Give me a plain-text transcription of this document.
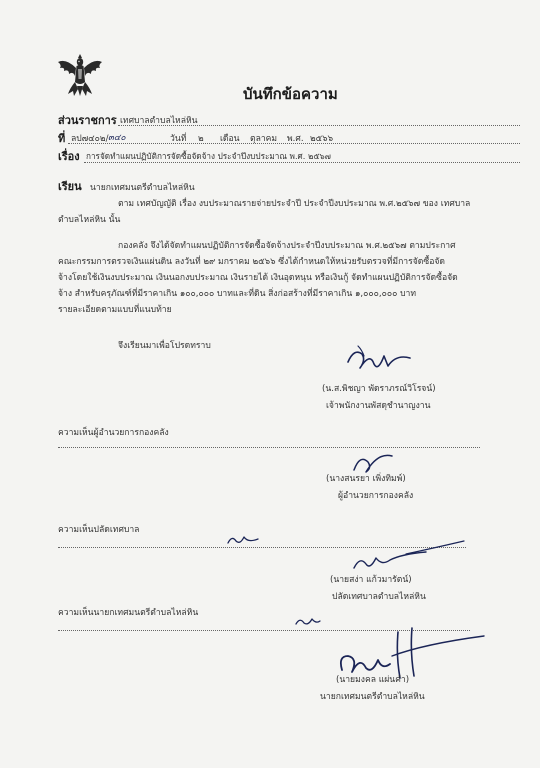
บันทึกข้อความ
ส่วนราชการ เทศบาลตำบลไหล่หิน
ที่ ลป๗๔๐๒/ ๓๔๐	วันที่ ๒ เดือน ตุลาคม พ.ศ. ๒๕๖๖
เรื่อง การจัดทำแผนปฏิบัติการจัดซื้อจัดจ้าง ประจำปีงบประมาณ พ.ศ. ๒๕๖๗
เรียน นายกเทศมนตรีตำบลไหล่หิน
ตาม เทศบัญญัติ เรื่อง งบประมาณรายจ่ายประจำปี ประจำปีงบประมาณ พ.ศ.๒๕๖๗ ของ เทศบาล
ตำบลไหล่หิน นั้น
กองคลัง จึงได้จัดทำแผนปฏิบัติการจัดซื้อจัดจ้างประจำปีงบประมาณ พ.ศ.๒๕๖๗ ตามประกาศ
คณะกรรมการตรวจเงินแผ่นดิน ลงวันที่ ๒๙ มกราคม ๒๕๖๖ ซึ่งได้กำหนดให้หน่วยรับตรวจที่มีการจัดซื้อจัด
จ้างโดยใช้เงินงบประมาณ เงินนอกงบประมาณ เงินรายได้ เงินอุดหนุน หรือเงินกู้ จัดทำแผนปฏิบัติการจัดซื้อจัด
จ้าง สำหรับครุภัณฑ์ที่มีราคาเกิน ๑๐๐,๐๐๐ บาทและที่ดิน สิ่งก่อสร้างที่มีราคาเกิน ๑,๐๐๐,๐๐๐ บาท
รายละเอียดตามแบบที่แนบท้าย
จึงเรียนมาเพื่อโปรดทราบ
(น.ส.พิชญา พัดราภรณ์วิโรจน์)
เจ้าพนักงานพัสดุชำนาญงาน
ความเห็นผู้อำนวยการกองคลัง
(นางสนรยา เพิ่งทิมพ์)
ผู้อำนวยการกองคลัง
ความเห็นปลัดเทศบาล
(นายสง่า แก้วมารัตน์)
ปลัดเทศบาลตำบลไหล่หิน
ความเห็นนายกเทศมนตรีตำบลไหล่หิน
(นายมงคล แผ่นคำ)
นายกเทศมนตรีตำบลไหล่หิน
